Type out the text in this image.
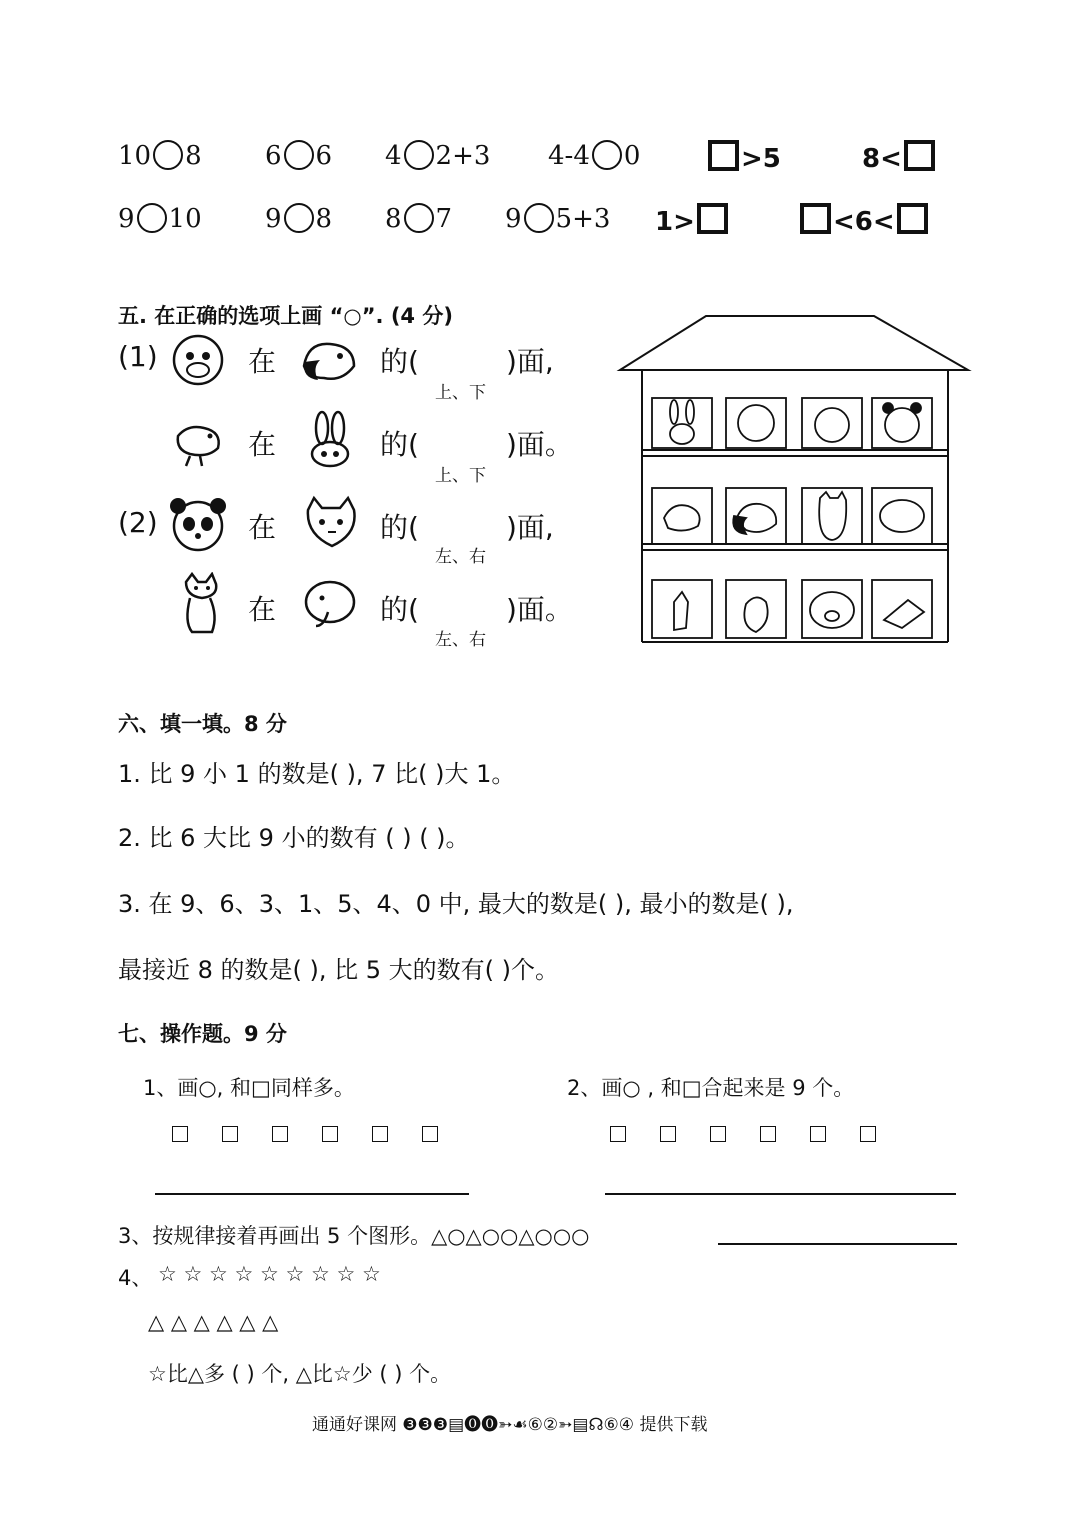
10 8 6 6 4 2+3 4-4 0	>5	8<
9 10 9 8 8 7 9 5+3 1>	<6<
五. 在正确的选项上画 “○”. (4 分)
(1)	在	的(	)面,
上、下
在	的(	)面。
上、下
(2)	在	的(	)面,
左、右
在	的(	)面。
左、右
六、填一填。8 分
1. 比 9 小 1 的数是( ), 7 比( )大 1。
2. 比 6 大比 9 小的数有 ( ) ( )。
3. 在 9、6、3、1、5、4、0 中, 最大的数是( ), 最小的数是( ),
最接近 8 的数是( ), 比 5 大的数有( )个。
七、操作题。9 分
1、画○, 和□同样多。	2、画○ , 和□合起来是 9 个。
3、按规律接着再画出 5 个图形。△○△○○△○○○
4、 ☆ ☆ ☆ ☆ ☆ ☆ ☆ ☆ ☆
△ △ △ △ △ △
☆比△多 ( ) 个, △比☆少 ( ) 个。
通通好课网 ❸❸❸▤⓿⓿➳☙⑥②➳▤☊⑥④ 提供下载
